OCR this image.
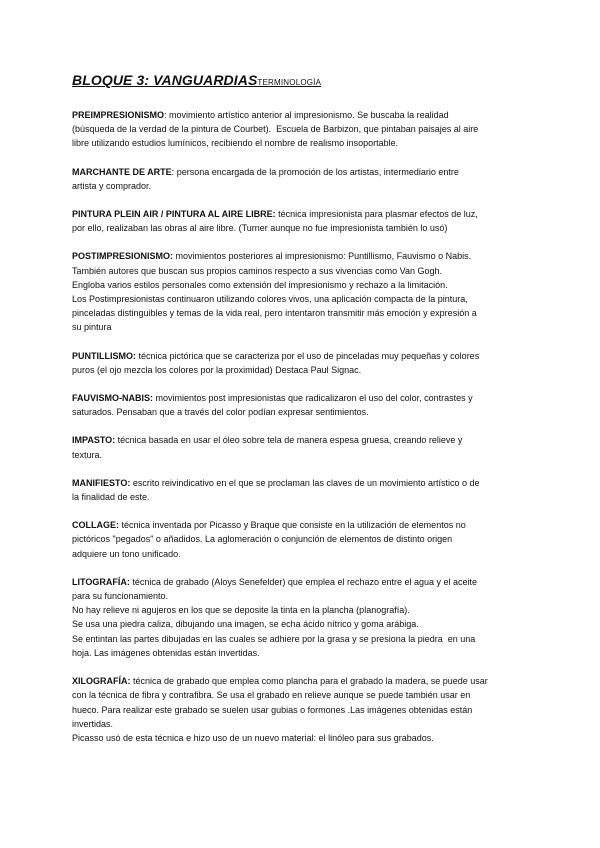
BLOQUE 3: VANGUARDIASTERMINOLOGÍA
PREIMPRESIONISMO: movimiento artístico anterior al impresionismo. Se buscaba la realidad
(búsqueda de la verdad de la pintura de Courbet).  Escuela de Barbizon, que pintaban paisajes al aire
libre utilizando estudios lumínicos, recibiendo el nombre de realismo insoportable.
MARCHANTE DE ARTE: persona encargada de la promoción de los artistas, intermediario entre
artista y comprador.
PINTURA PLEIN AIR / PINTURA AL AIRE LIBRE: técnica impresionista para plasmar efectos de luz,
por ello, realizaban las obras al aire libre. (Turner aunque no fue impresionista también lo usó)
POSTIMPRESIONISMO: movimientos posteriores al impresionismo: Puntillismo, Fauvismo o Nabis.
También autores que buscan sus propios caminos respecto a sus vivencias como Van Gogh.
Engloba varios estilos personales como extensión del impresionismo y rechazo a la limitación.
Los Postimpresionistas continuaron utilizando colores vivos, una aplicación compacta de la pintura,
pinceladas distinguibles y temas de la vida real, pero intentaron transmitir más emoción y expresión a
su pintura
PUNTILLISMO: técnica pictórica que se caracteriza por el uso de pinceladas muy pequeñas y colores
puros (el ojo mezcla los colores por la proximidad) Destaca Paul Signac.
FAUVISMO-NABIS: movimientos post impresionistas que radicalizaron el uso del color, contrastes y
saturados. Pensaban que a través del color podían expresar sentimientos.
IMPASTO: técnica basada en usar el óleo sobre tela de manera espesa gruesa, creando relieve y
textura.
MANIFIESTO: escrito reivindicativo en el que se proclaman las claves de un movimiento artístico o de
la finalidad de este.
COLLAGE: técnica inventada por Picasso y Braque que consiste en la utilización de elementos no
pictóricos "pegados" o añadidos. La aglomeración o conjunción de elementos de distinto origen
adquiere un tono unificado.
LITOGRAFÍA: técnica de grabado (Aloys Senefelder) que emplea el rechazo entre el agua y el aceite
para su funcionamiento.
No hay relieve ni agujeros en los que se deposite la tinta en la plancha (planografía).
Se usa una piedra caliza, dibujando una imagen, se echa ácido nítrico y goma arábiga.
Se entintan las partes dibujadas en las cuales se adhiere por la grasa y se presiona la piedra  en una
hoja. Las imágenes obtenidas están invertidas.
XILOGRAFÍA: técnica de grabado que emplea como plancha para el grabado la madera, se puede usar
con la técnica de fibra y contrafibra. Se usa el grabado en relieve aunque se puede también usar en
hueco. Para realizar este grabado se suelen usar gubias o formones .Las imágenes obtenidas están
invertidas.
Picasso usó de esta técnica e hizo uso de un nuevo material: el linóleo para sus grabados.
